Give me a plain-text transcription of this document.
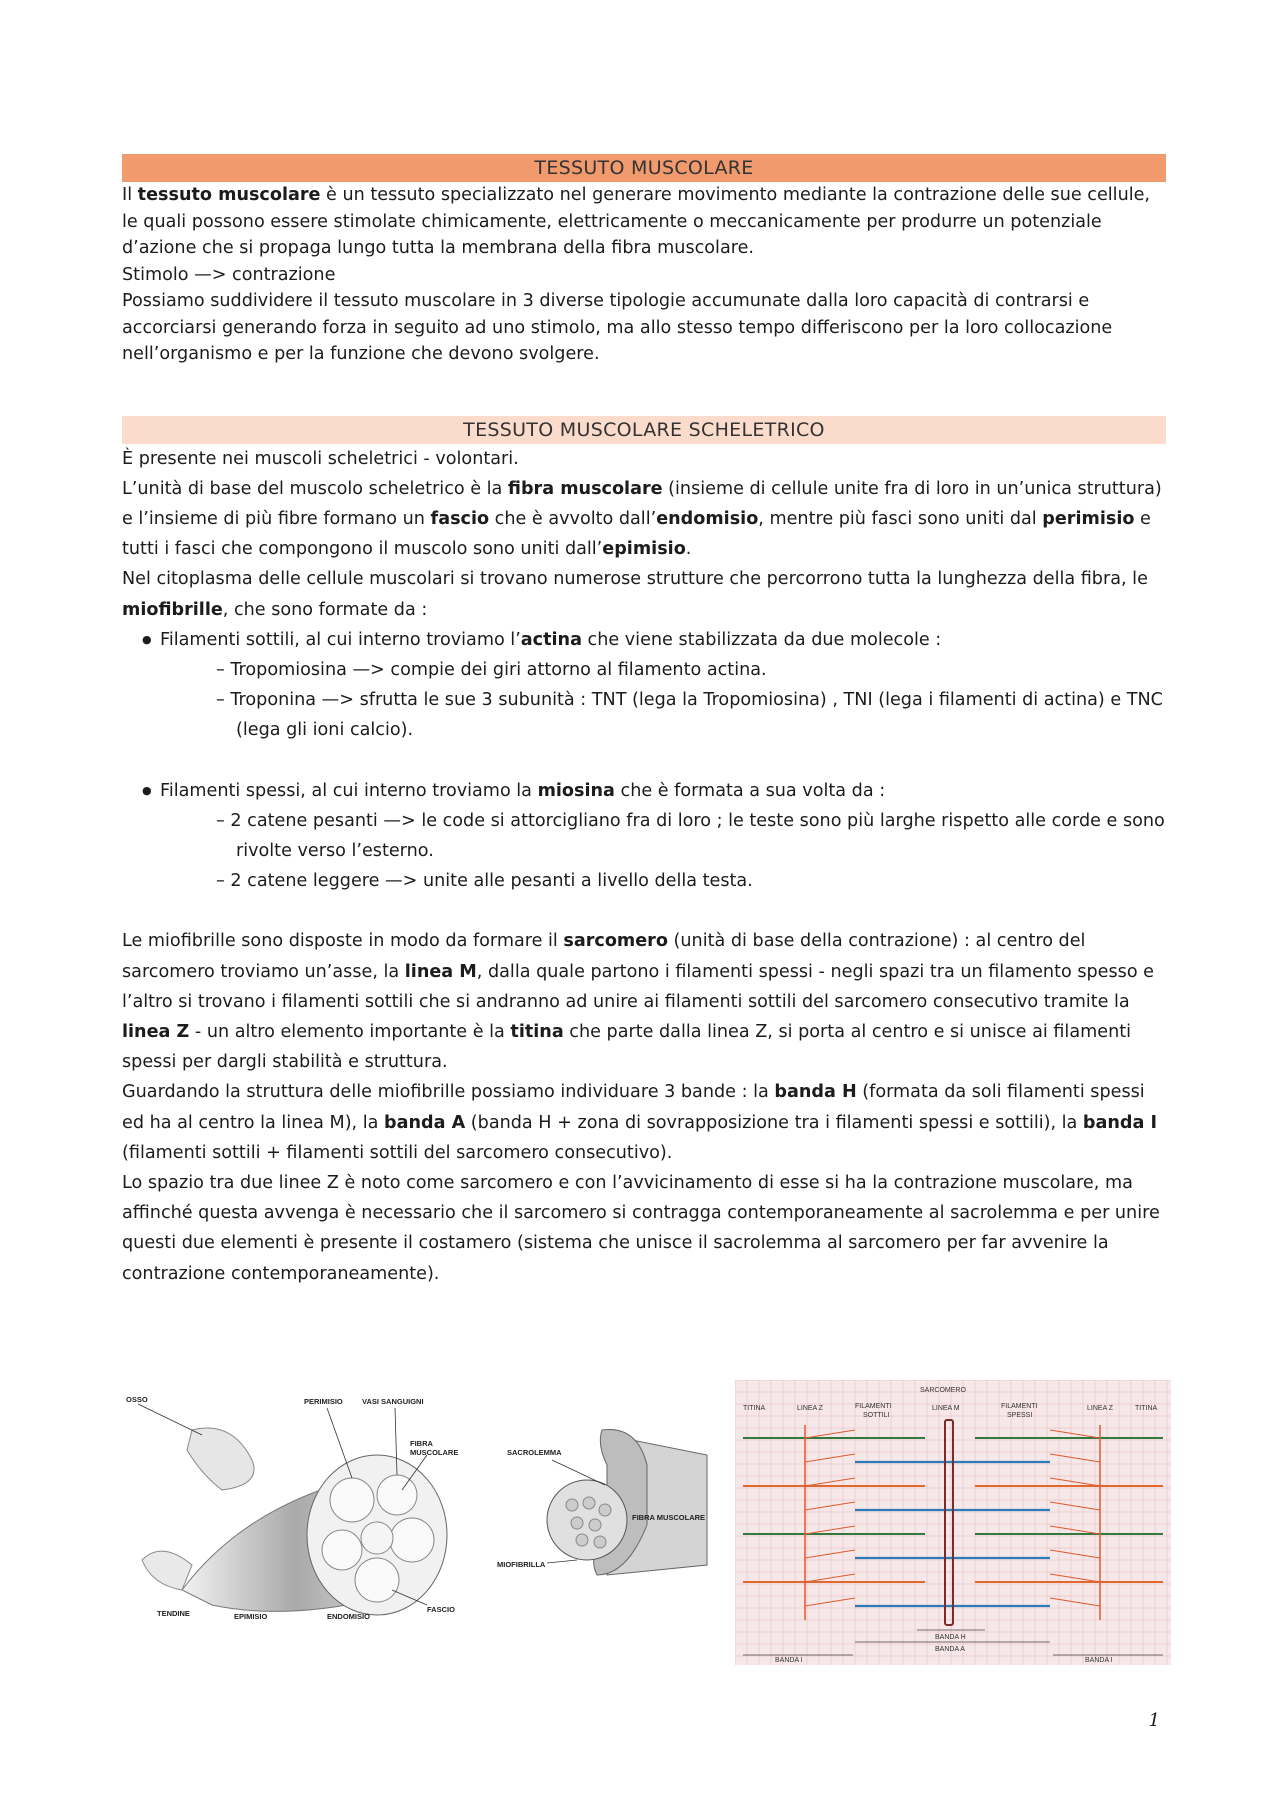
TESSUTO MUSCOLARE

Il tessuto muscolare è un tessuto specializzato nel generare movimento mediante la contrazione delle sue cellule, le quali possono essere stimolate chimicamente, elettricamente o meccanicamente per produrre un potenziale d’azione che si propaga lungo tutta la membrana della fibra muscolare.

Stimolo —> contrazione

Possiamo suddividere il tessuto muscolare in 3 diverse tipologie accumunate dalla loro capacità di contrarsi e accorciarsi generando forza in seguito ad uno stimolo, ma allo stesso tempo differiscono per la loro collocazione nell’organismo e per la funzione che devono svolgere.

TESSUTO MUSCOLARE SCHELETRICO

È presente nei muscoli scheletrici - volontari.

L’unità di base del muscolo scheletrico è la fibra muscolare (insieme di cellule unite fra di loro in un’unica struttura) e l’insieme di più fibre formano un fascio che è avvolto dall’endomisio, mentre più fasci sono uniti dal perimisio e tutti i fasci che compongono il muscolo sono uniti dall’epimisio.

Nel citoplasma delle cellule muscolari si trovano numerose strutture che percorrono tutta la lunghezza della fibra, le miofibrille, che sono formate da :

● Filamenti sottili, al cui interno troviamo l’actina che viene stabilizzata da due molecole :
– Tropomiosina —> compie dei giri attorno al filamento actina.
– Troponina —> sfrutta le sue 3 subunità : TNT (lega la Tropomiosina) , TNI (lega i filamenti di actina) e TNC (lega gli ioni calcio).
● Filamenti spessi, al cui interno troviamo la miosina che è formata a sua volta da :
– 2 catene pesanti —> le code si attorcigliano fra di loro ; le teste sono più larghe rispetto alle corde e sono rivolte verso l’esterno.
– 2 catene leggere —> unite alle pesanti a livello della testa.

Le miofibrille sono disposte in modo da formare il sarcomero (unità di base della contrazione) : al centro del sarcomero troviamo un’asse, la linea M, dalla quale partono i filamenti spessi - negli spazi tra un filamento spesso e l’altro si trovano i filamenti sottili che si andranno ad unire ai filamenti sottili del sarcomero consecutivo tramite la linea Z - un altro elemento importante è la titina che parte dalla linea Z, si porta al centro e si unisce ai filamenti spessi per dargli stabilità e struttura.

Guardando la struttura delle miofibrille possiamo individuare 3 bande : la banda H (formata da soli filamenti spessi ed ha al centro la linea M), la banda A (banda H + zona di sovrapposizione tra i filamenti spessi e sottili), la banda I (filamenti sottili + filamenti sottili del sarcomero consecutivo).

Lo spazio tra due linee Z è noto come sarcomero e con l’avvicinamento di esse si ha la contrazione muscolare, ma affinché questa avvenga è necessario che il sarcomero si contragga contemporaneamente al sacrolemma e per unire questi due elementi è presente il costamero (sistema che unisce il sacrolemma al sarcomero per far avvenire la contrazione contemporaneamente).

OSSO	PERIMISIO	VASI SANGUIGNI
FIBRA
MUSCOLARE
TENDINE	EPIMISIO	ENDOMISIO
FASCIO
SACROLEMMA
FIBRA MUSCOLARE
MIOFIBRILLA
SARCOMERO
TITINA	LINEA Z	FILAMENTI
SOTTILI
LINEA M	FILAMENTI
SPESSI
LINEA Z	TITINA
BANDA H
BANDA A
BANDA I	BANDA I
1
